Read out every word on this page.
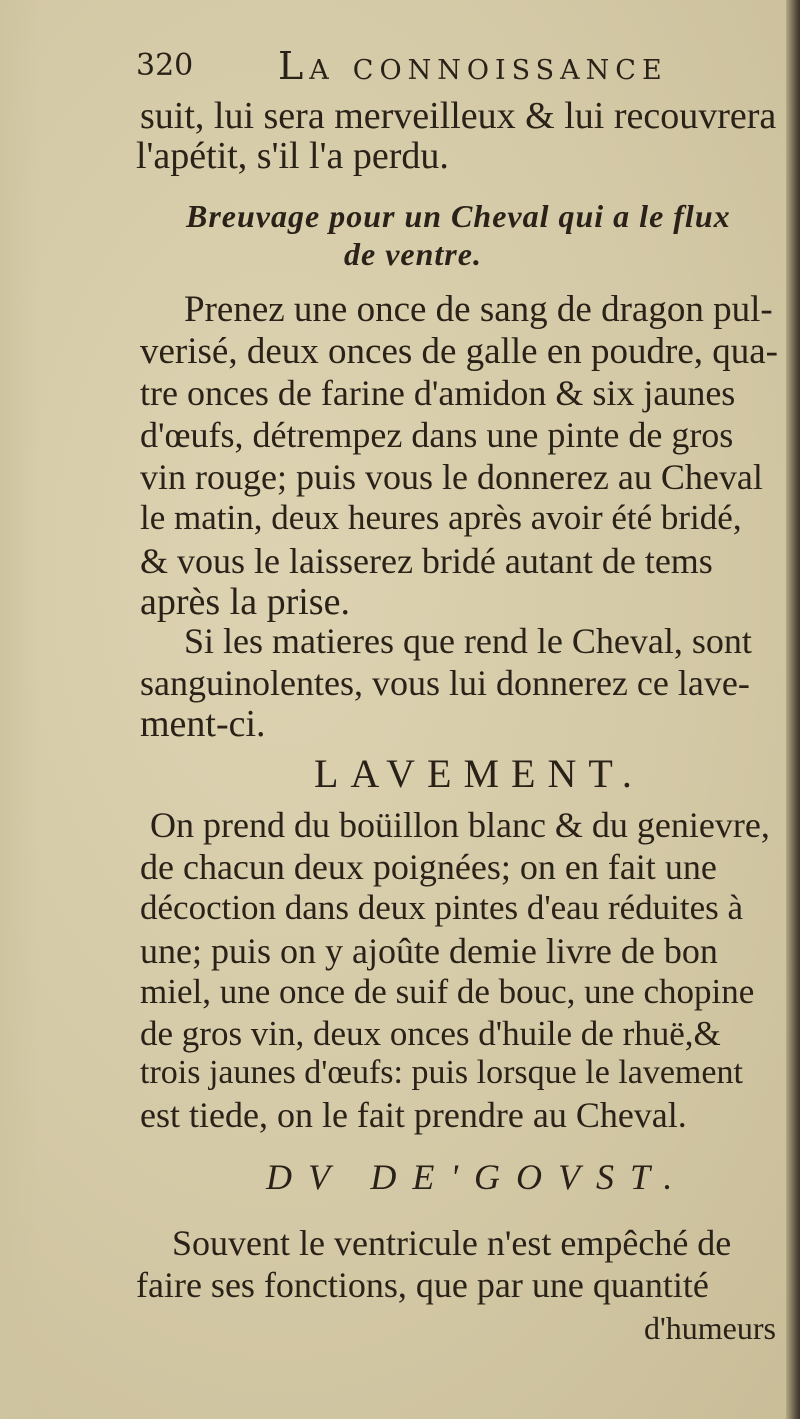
320 La connoissance
suit, lui sera merveilleux & lui recouvrera
l'apétit, s'il l'a perdu.
Breuvage pour un Cheval qui a le flux
de ventre.
Prenez une once de sang de dragon pul-
verisé, deux onces de galle en poudre, qua-
tre onces de farine d'amidon & six jaunes
d'œufs, détrempez dans une pinte de gros
vin rouge; puis vous le donnerez au Cheval
le matin, deux heures après avoir été bridé,
& vous le laisserez bridé autant de tems
après la prise.
Si les matieres que rend le Cheval, sont
sanguinolentes, vous lui donnerez ce lave-
ment-ci.
LAVEMENT.
On prend du boüillon blanc & du genievre,
de chacun deux poignées; on en fait une
décoction dans deux pintes d'eau réduites à
une; puis on y ajoûte demie livre de bon
miel, une once de suif de bouc, une chopine
de gros vin, deux onces d'huile de rhuë,&
trois jaunes d'œufs: puis lorsque le lavement
est tiede, on le fait prendre au Cheval.
DV DE'GOVST.
Souvent le ventricule n'est empêché de
faire ses fonctions, que par une quantité
d'humeurs
